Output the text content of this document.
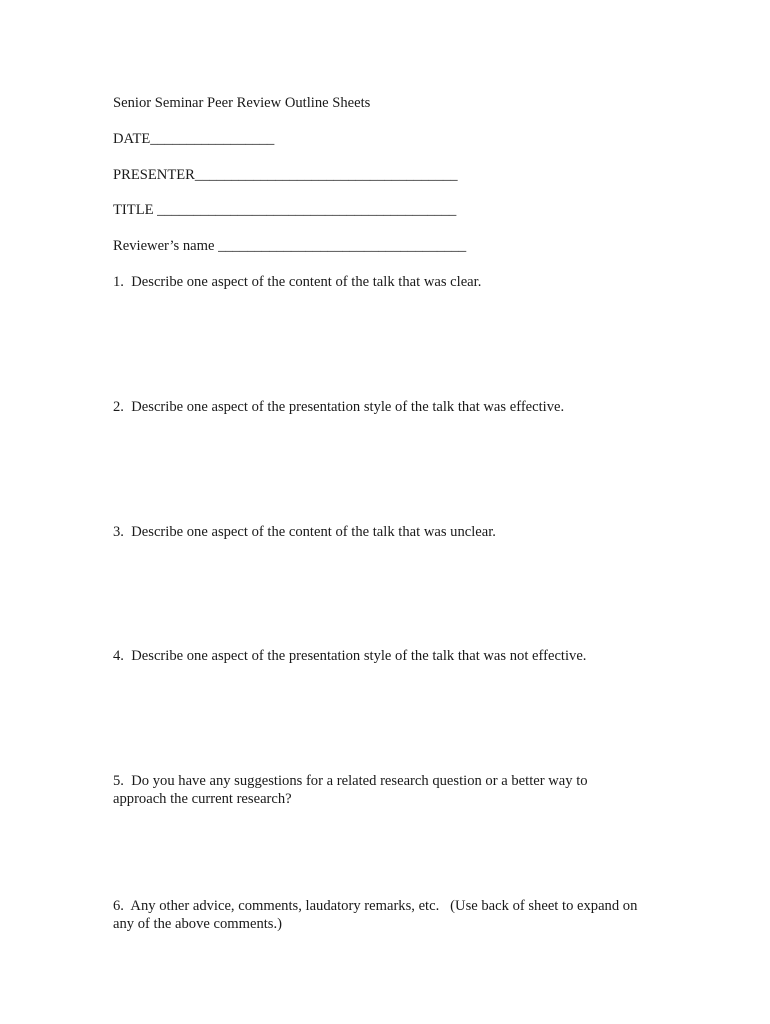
Senior Seminar Peer Review Outline Sheets
DATE_________________
PRESENTER____________________________________
TITLE _________________________________________
Reviewer’s name __________________________________

1.  Describe one aspect of the content of the talk that was clear.

2.  Describe one aspect of the presentation style of the talk that was effective.

3.  Describe one aspect of the content of the talk that was unclear.

4.  Describe one aspect of the presentation style of the talk that was not effective.

5.  Do you have any suggestions for a related research question or a better way to

approach the current research?

6.  Any other advice, comments, laudatory remarks, etc.   (Use back of sheet to expand on

any of the above comments.)
